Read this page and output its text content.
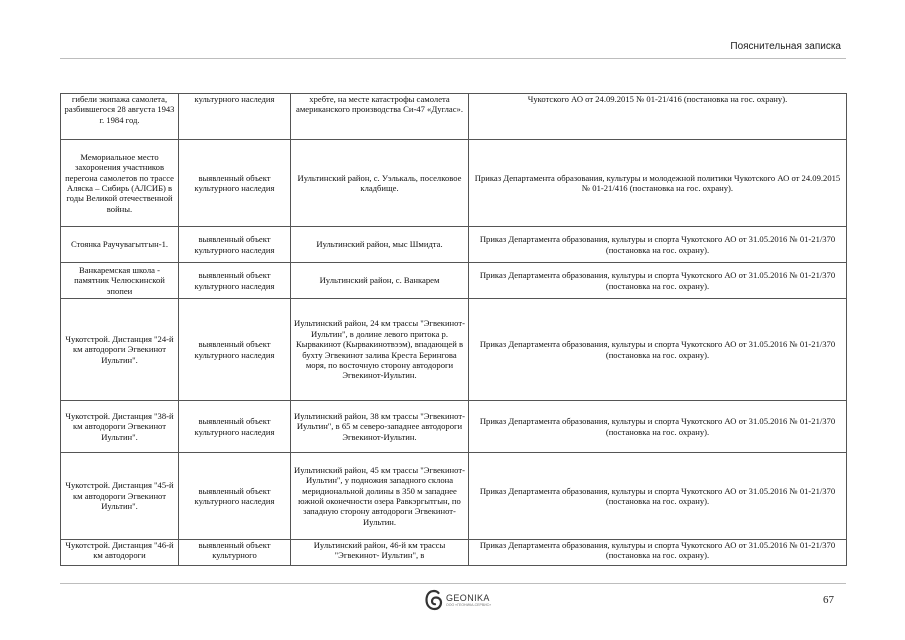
Пояснительная записка
гибели экипажа самолета, разбившегося 28 августа 1943 г. 1984 год.	культурного наследия	хребте, на месте катастрофы самолета американского производства Си-47 «Дуглас».	Чукотского АО от 24.09.2015 № 01-21/416 (постановка на гос. охрану).
Мемориальное место захоронения участников перегона самолетов по трассе Аляска – Сибирь (АЛСИБ) в годы Великой отечественной войны.	выявленный объект культурного наследия	Иультинский район, с. Уэлькаль, поселковое кладбище.	Приказ Департамента образования, культуры и молодежной политики Чукотского АО от 24.09.2015 № 01-21/416 (постановка на гос. охрану).
Стоянка Раучувагытгын-1.	выявленный объект культурного наследия	Иультинский район, мыс Шмидта.	Приказ Департамента образования, культуры и спорта Чукотского АО от 31.05.2016 № 01-21/370 (постановка на гос. охрану).
Ванкаремская школа - памятник Челюскинской эпопеи	выявленный объект культурного наследия	Иультинский район, с. Ванкарем	Приказ Департамента образования, культуры и спорта Чукотского АО от 31.05.2016 № 01-21/370 (постановка на гос. охрану).
Чукотстрой. Дистанция "24-й км автодороги Эгвекинот Иультин".	выявленный объект культурного наследия	Иультинский район, 24 км трассы "Эгвекинот- Иультин", в долине левого притока р. Кырвакинот (Кырвакинотвээм), впадающей в бухту Эгвекинот залива Креста Берингова моря, по восточную сторону автодороги Эгвекинот-Иультин.	Приказ Департамента образования, культуры и спорта Чукотского АО от 31.05.2016 № 01-21/370 (постановка на гос. охрану).
Чукотстрой. Дистанция "38-й км автодороги Эгвекинот Иультин".	выявленный объект культурного наследия	Иультинский район, 38 км трассы "Эгвекинот- Иультин", в 65 м северо-западнее автодороги Эгвекинот-Иультин.	Приказ Департамента образования, культуры и спорта Чукотского АО от 31.05.2016 № 01-21/370 (постановка на гос. охрану).
Чукотстрой. Дистанция "45-й км автодороги Эгвекинот Иультин".	выявленный объект культурного наследия	Иультинский район, 45 км трассы "Эгвекинот- Иультин", у подножия западного склона меридиональной долины в 350 м западнее южной оконечности озера Равкэргытгын, по западную сторону автодороги Эгвекинот-Иультин.	Приказ Департамента образования, культуры и спорта Чукотского АО от 31.05.2016 № 01-21/370 (постановка на гос. охрану).
Чукотстрой. Дистанция "46-й км автодороги	выявленный объект культурного	Иультинский район, 46-й км трассы "Эгвекинот- Иультин", в	Приказ Департамента образования, культуры и спорта Чукотского АО от 31.05.2016 № 01-21/370 (постановка на гос. охрану).
GEONIKA
ООО «ГЕОНИКА-СЕРВИС»	67
